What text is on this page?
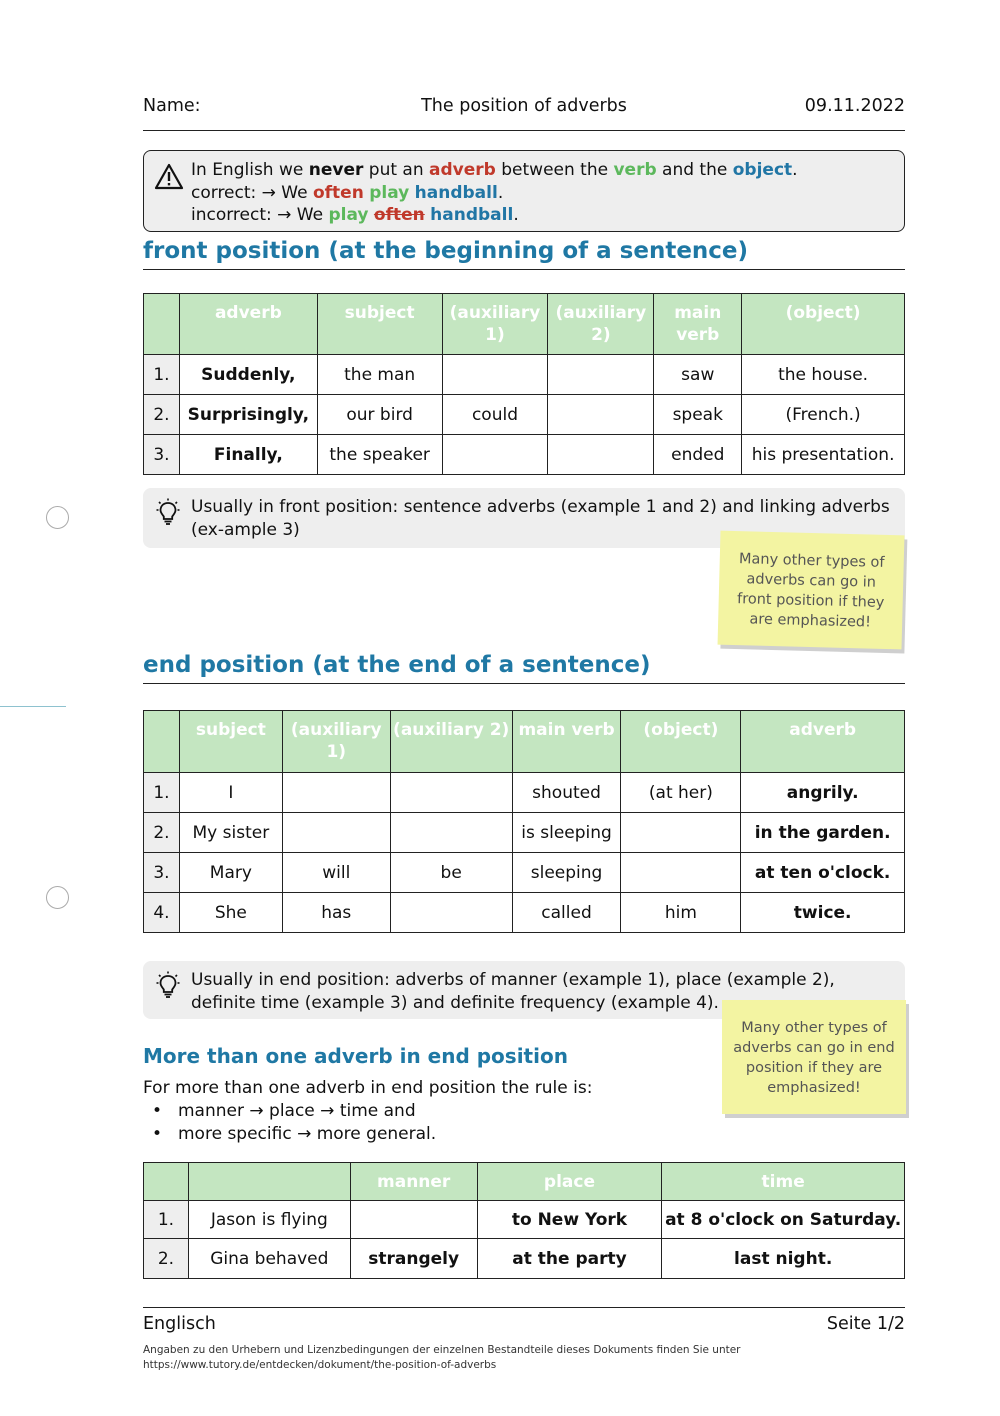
Name:	The position of adverbs	09.11.2022
In English we never put an adverb between the verb and the object.
correct: → We often play handball.
incorrect: → We play often handball.
front position (at the beginning of a sentence)
	adverb	subject	(auxiliary 1)	(auxiliary 2)	main verb	(object)
1.	Suddenly,	the man			saw	the house.
2.	Surprisingly,	our bird	could		speak	(French.)
3.	Finally,	the speaker			ended	his presentation.
Usually in front position: sentence adverbs (example 1 and 2) and linking adverbs (ex-ample 3)
Many other types of adverbs can go in front position if they are emphasized!
end position (at the end of a sentence)
	subject	(auxiliary 1)	(auxiliary 2)	main verb	(object)	adverb
1.	I			shouted	(at her)	angrily.
2.	My sister			is sleeping		in the garden.
3.	Mary	will	be	sleeping		at ten o'clock.
4.	She	has		called	him	twice.
Usually in end position: adverbs of manner (example 1), place (example 2), definite time (example 3) and definite frequency (example 4).
Many other types of adverbs can go in end position if they are emphasized!
More than one adverb in end position
For more than one adverb in end position the rule is:
• manner → place → time and
• more specific → more general.
		manner	place	time
1.	Jason is flying		to New York	at 8 o'clock on Saturday.
2.	Gina behaved	strangely	at the party	last night.
Englisch	Seite 1/2
Angaben zu den Urhebern und Lizenzbedingungen der einzelnen Bestandteile dieses Dokuments finden Sie unter
https://www.tutory.de/entdecken/dokument/the-position-of-adverbs
